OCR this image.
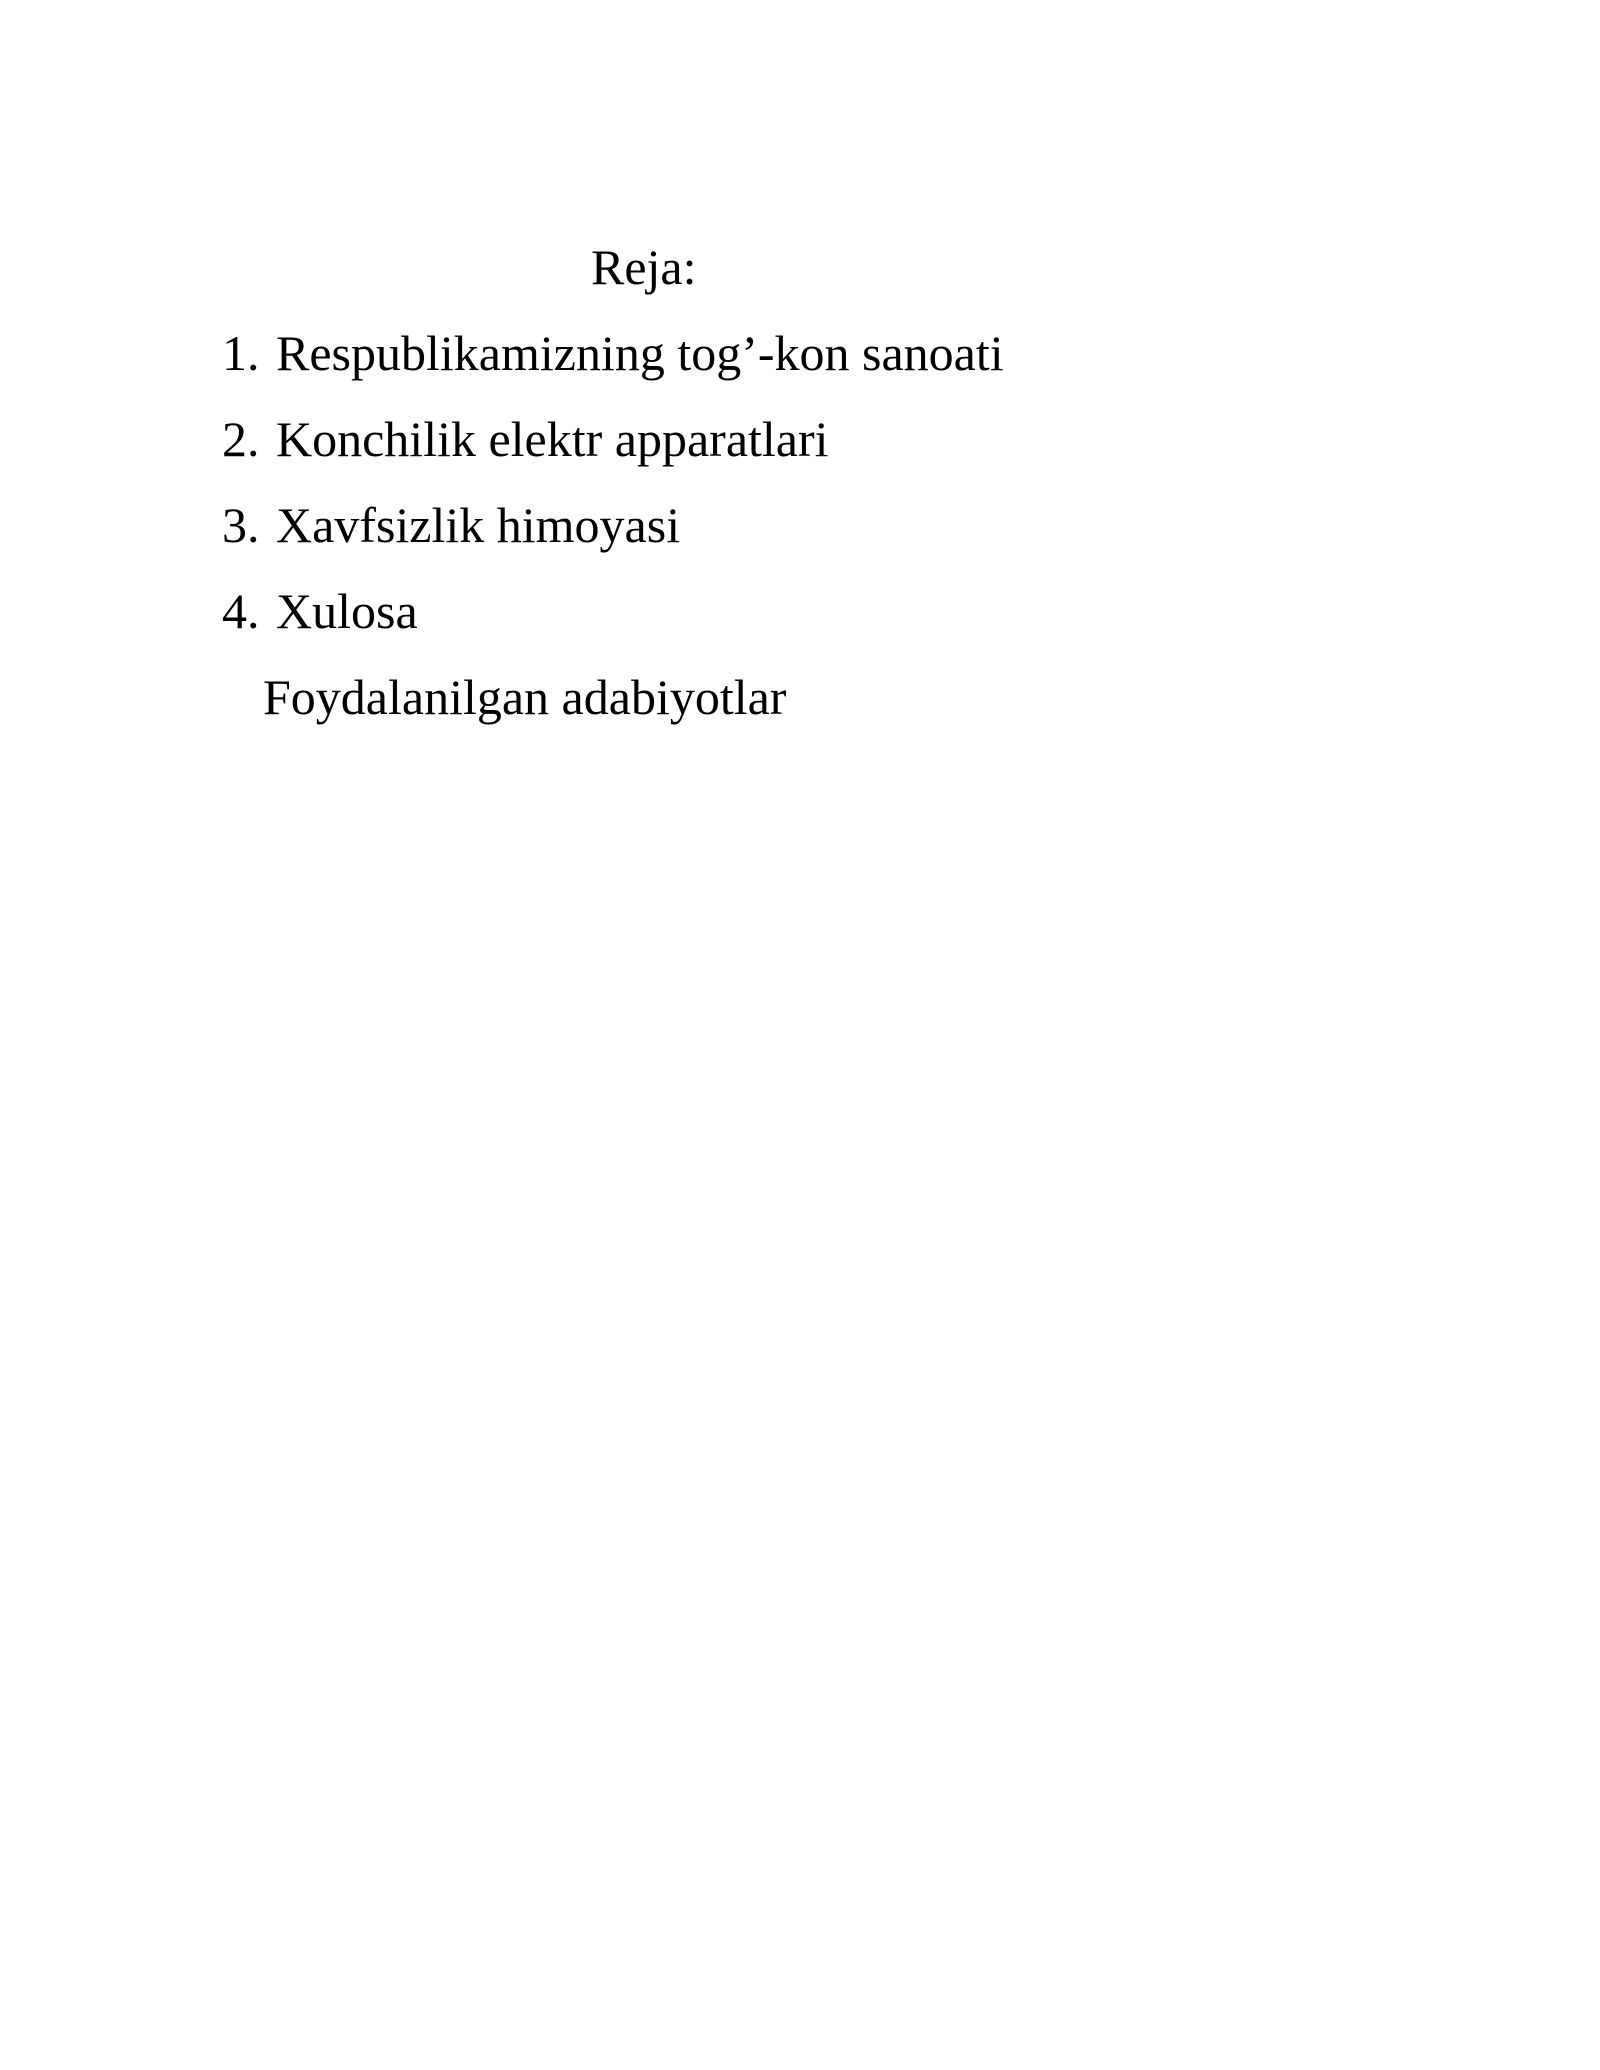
Reja:
1. Respublikamizning tog’-kon sanoati
2. Konchilik elektr apparatlari
3. Xavfsizlik himoyasi
4. Xulosa
Foydalanilgan adabiyotlar
